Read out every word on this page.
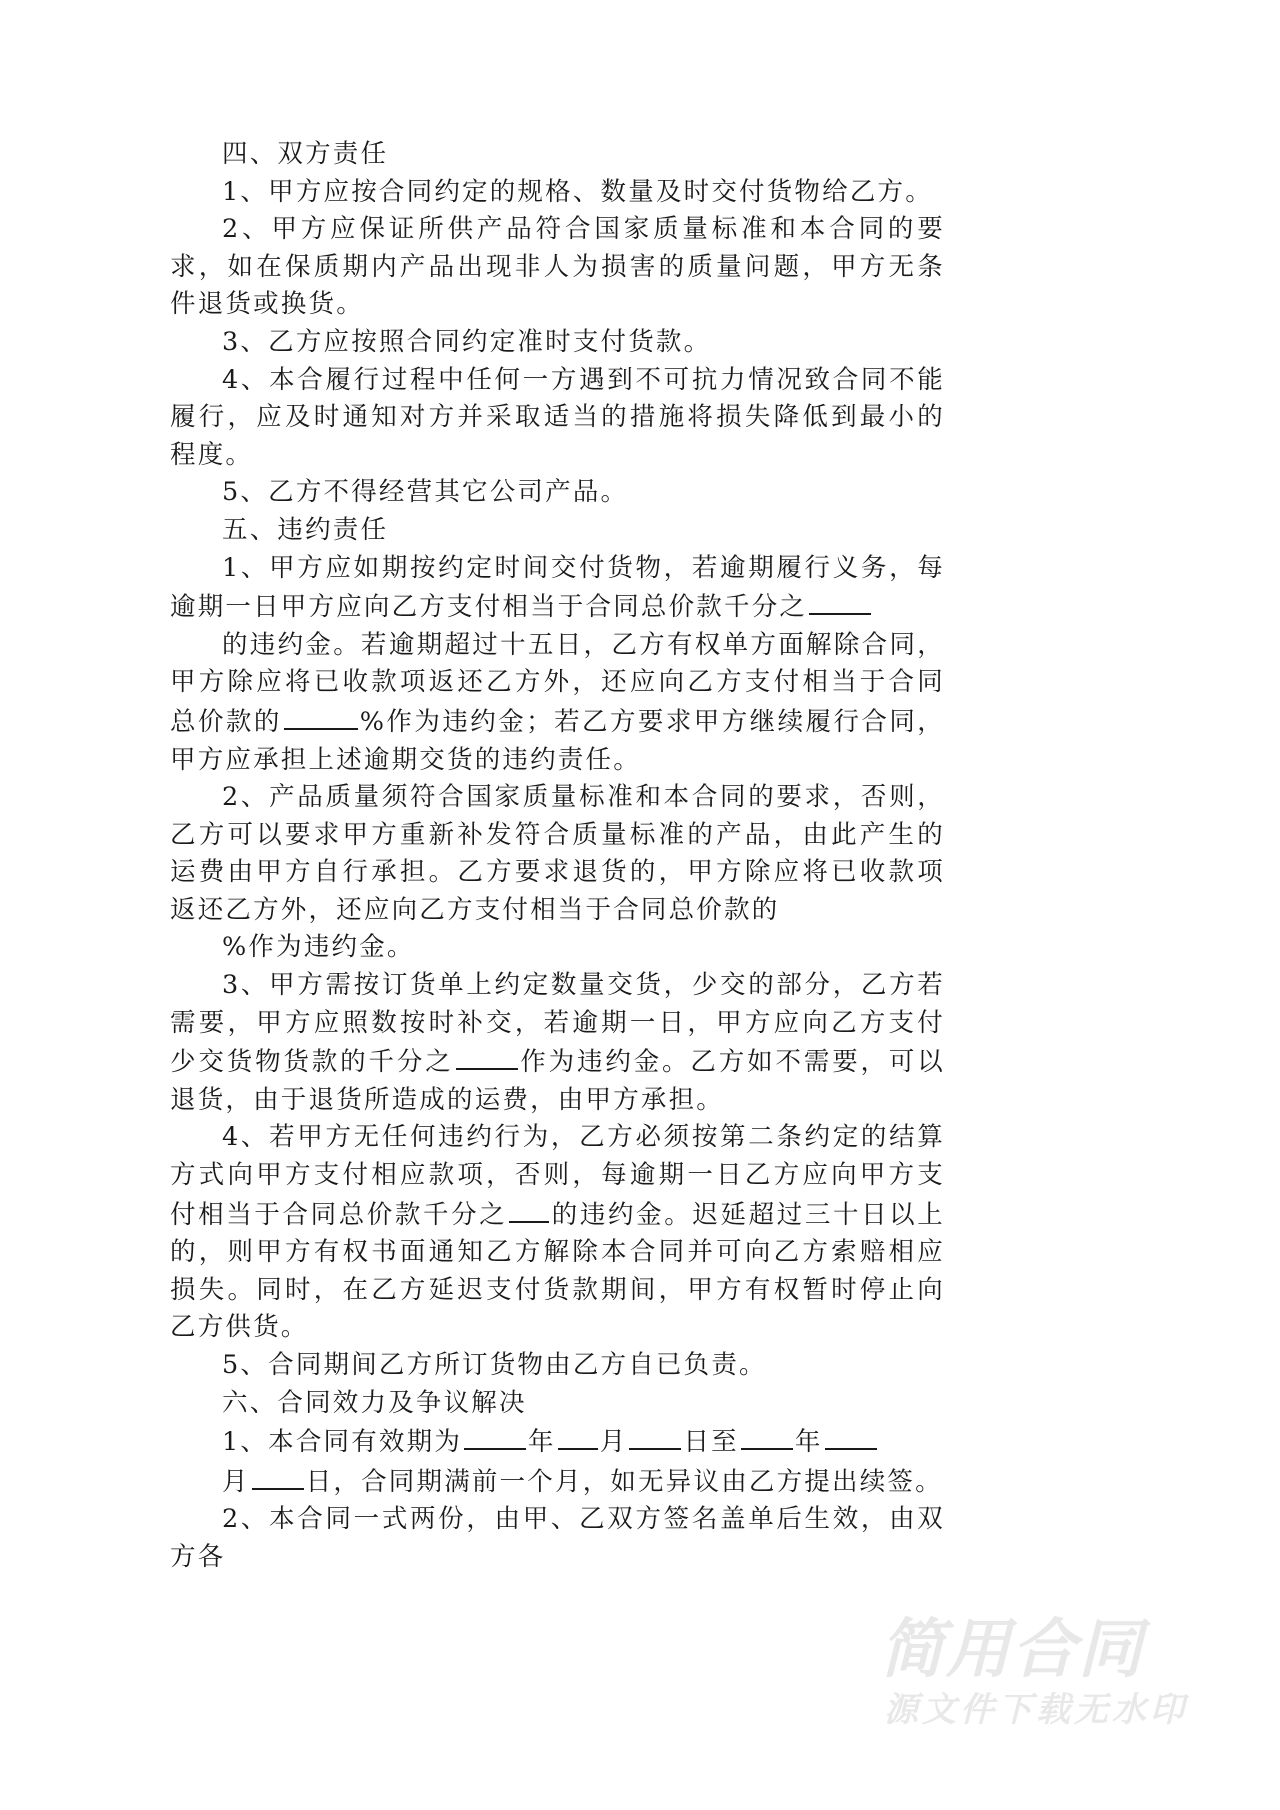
简用合同
源文件下载无水印

四、双方责任

1、甲方应按合同约定的规格、数量及时交付货物给乙方。

2、甲方应保证所供产品符合国家质量标准和本合同的要求，如在保质期内产品出现非人为损害的质量问题，甲方无条件退货或换货。

3、乙方应按照合同约定准时支付货款。

4、本合履行过程中任何一方遇到不可抗力情况致合同不能履行，应及时通知对方并采取适当的措施将损失降低到最小的程度。

5、乙方不得经营其它公司产品。

五、违约责任

1、甲方应如期按约定时间交付货物，若逾期履行义务，每逾期一日甲方应向乙方支付相当于合同总价款千分之

的违约金。若逾期超过十五日，乙方有权单方面解除合同，甲方除应将已收款项返还乙方外，还应向乙方支付相当于合同总价款的	%作为违约金；若乙方要求甲方继续履行合同，甲方应承担上述逾期交货的违约责任。

2、产品质量须符合国家质量标准和本合同的要求，否则，乙方可以要求甲方重新补发符合质量标准的产品，由此产生的运费由甲方自行承担。乙方要求退货的，甲方除应将已收款项返还乙方外，还应向乙方支付相当于合同总价款的

%作为违约金。

3、甲方需按订货单上约定数量交货，少交的部分，乙方若需要，甲方应照数按时补交，若逾期一日，甲方应向乙方支付少交货物货款的千分之	作为违约金。乙方如不需要，可以退货，由于退货所造成的运费，由甲方承担。

4、若甲方无任何违约行为，乙方必须按第二条约定的结算方式向甲方支付相应款项，否则，每逾期一日乙方应向甲方支付相当于合同总价款千分之 的违约金。迟延超过三十日以上的，则甲方有权书面通知乙方解除本合同并可向乙方索赔相应损失。同时，在乙方延迟支付货款期间，甲方有权暂时停止向乙方供货。

5、合同期间乙方所订货物由乙方自已负责。

六、合同效力及争议解决

1、本合同有效期为	年 月 日至 年

月 日，合同期满前一个月，如无异议由乙方提出续签。

2、本合同一式两份，由甲、乙双方签名盖单后生效，由双方各
